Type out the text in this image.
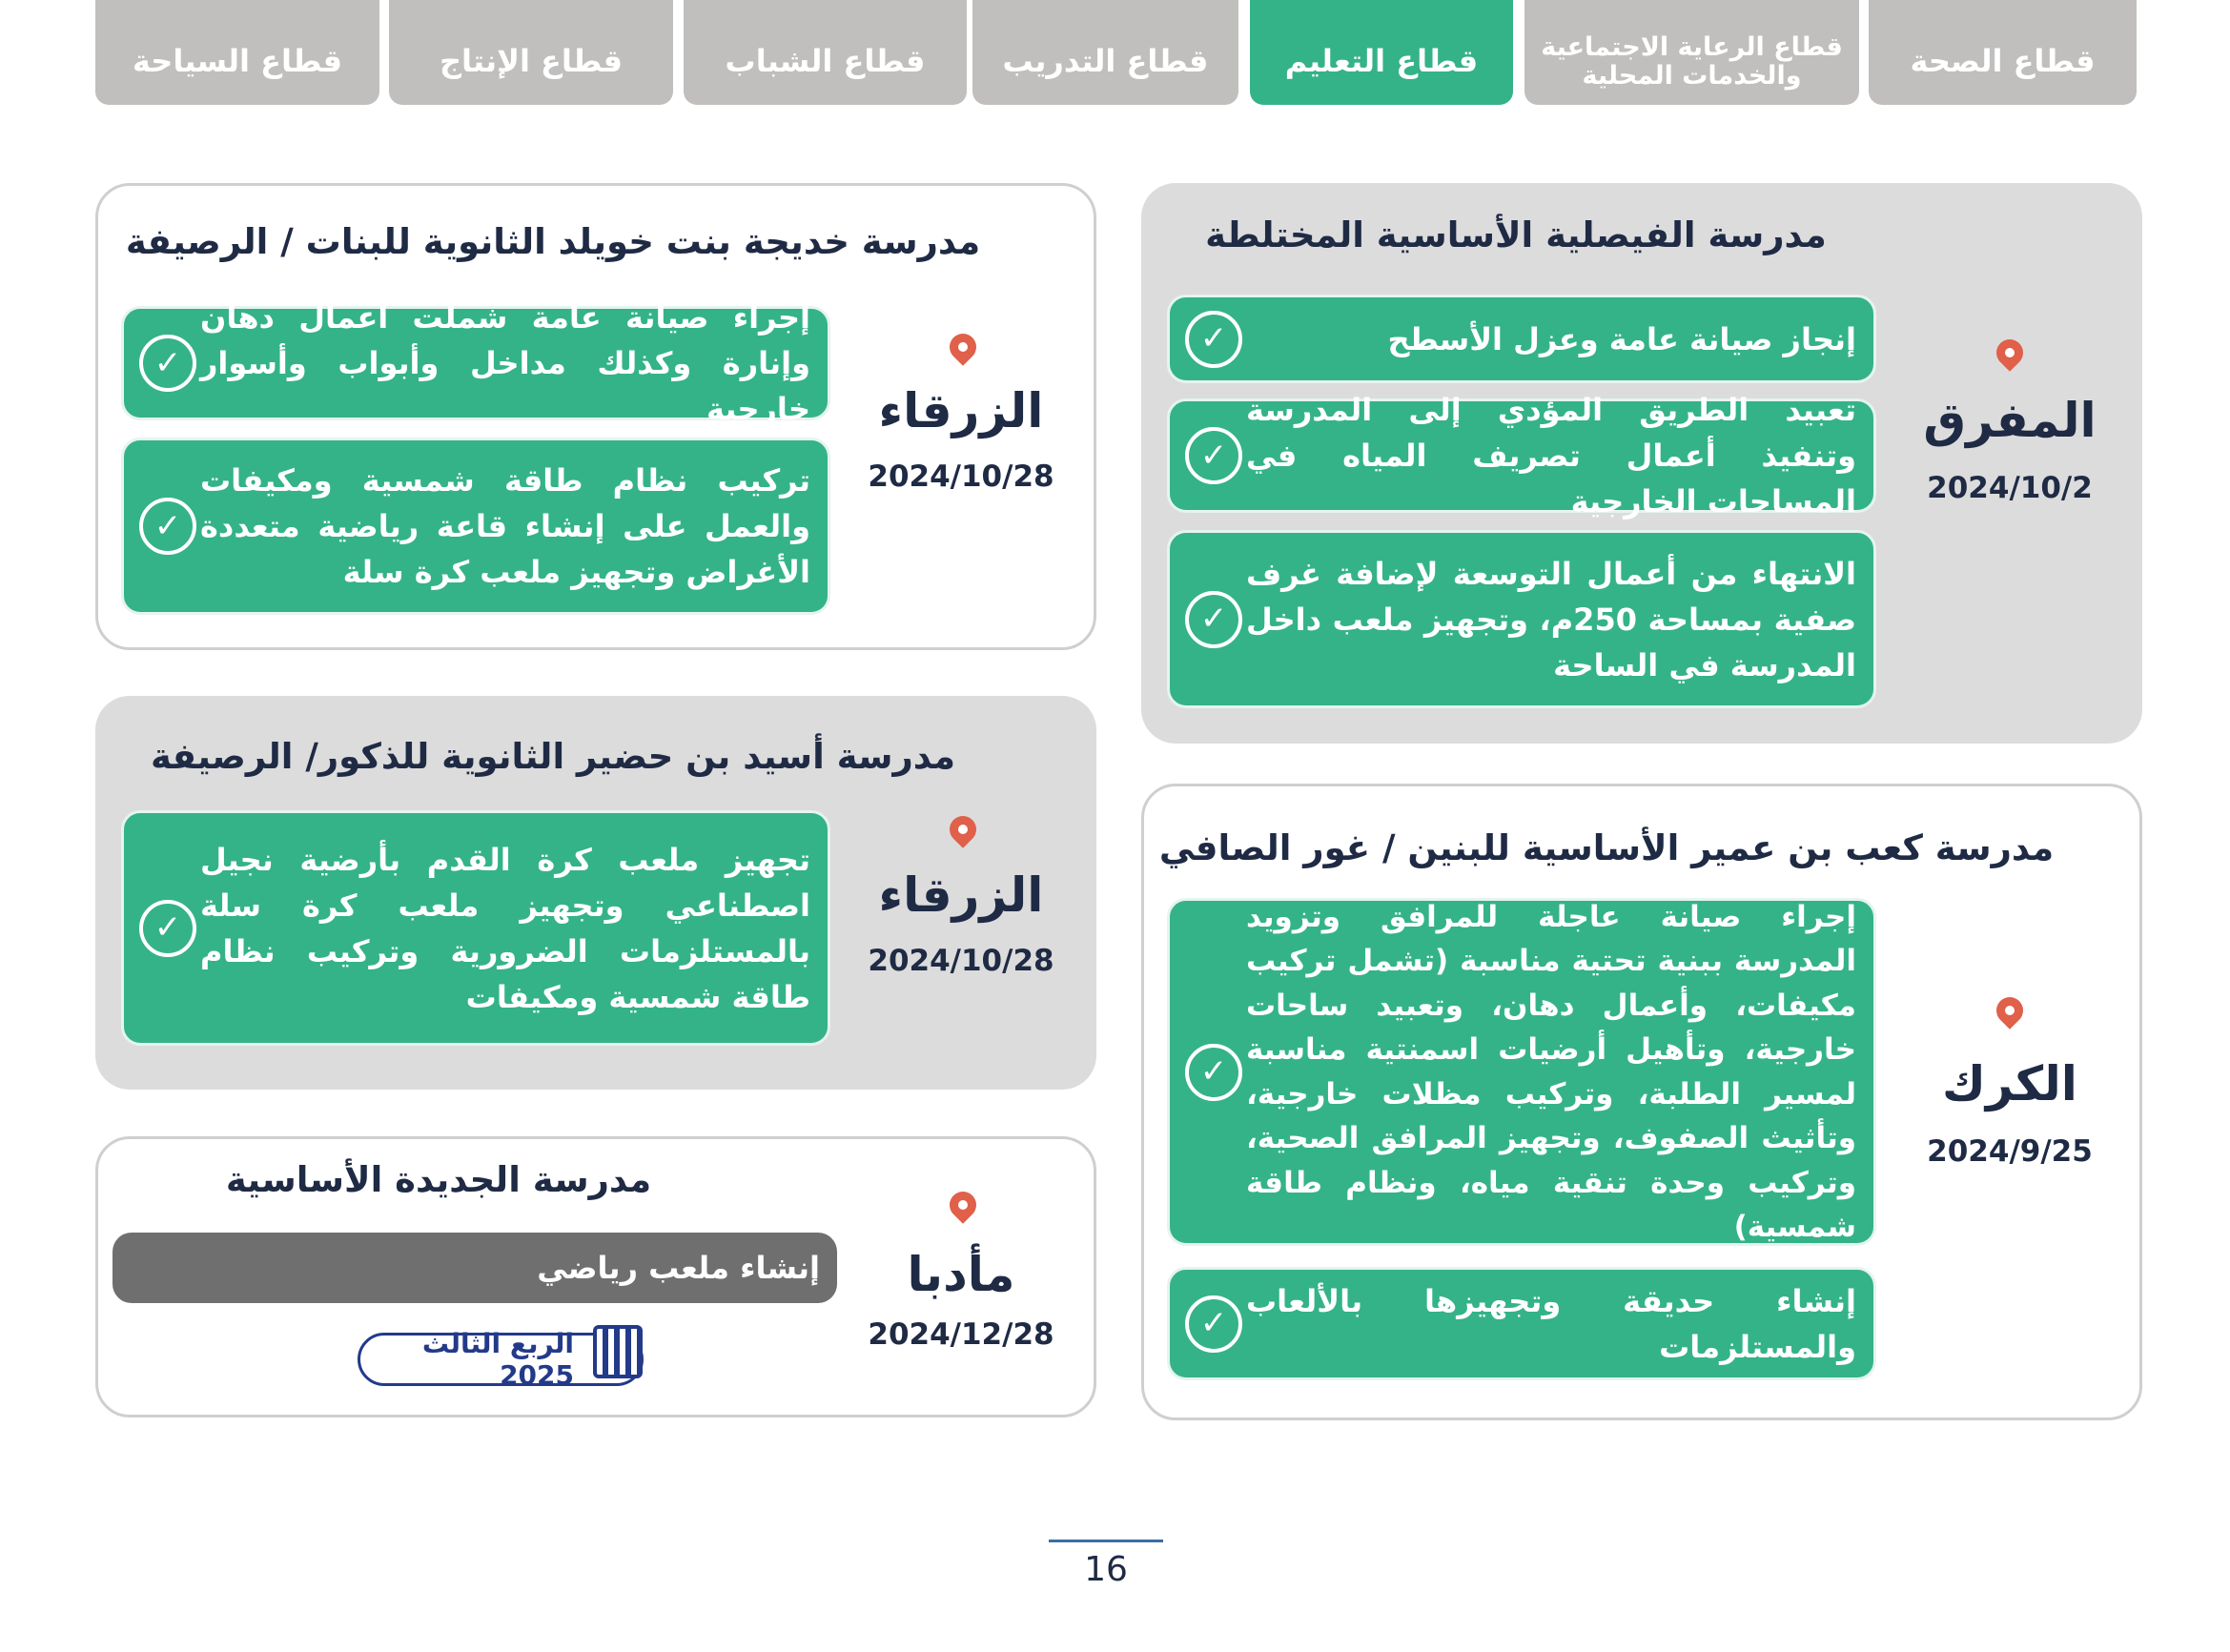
قطاع السياحة	قطاع الإنتاج	قطاع الشباب	قطاع التدريب	قطاع التعليم	قطاع الرعاية الاجتماعية والخدمات المحلية	قطاع الصحة
مدرسة الفيصلية الأساسية المختلطة
إنجاز صيانة عامة وعزل الأسطح
✓
تعبيد الطريق المؤدي إلى المدرسة وتنفيذ أعمال تصريف المياه في المساحات الخارجية
✓
الانتهاء من أعمال التوسعة لإضافة غرف صفية بمساحة 250م، وتجهيز ملعب داخل المدرسة في الساحة
✓
المفرق
2024/10/2
مدرسة خديجة بنت خويلد الثانوية للبنات / الرصيفة
إجراء صيانة عامة شملت أعمال دهان وإنارة وكذلك مداخل وأبواب وأسوار خارجية
✓
تركيب نظام طاقة شمسية ومكيفات والعمل على إنشاء قاعة رياضية متعددة الأغراض وتجهيز ملعب كرة سلة
✓
الزرقاء
2024/10/28
مدرسة أسيد بن حضير الثانوية للذكور/ الرصيفة
تجهيز ملعب كرة القدم بأرضية نجيل اصطناعي وتجهيز ملعب كرة سلة بالمستلزمات الضرورية وتركيب نظام طاقة شمسية ومكيفات
✓
الزرقاء
2024/10/28
مدرسة كعب بن عمير الأساسية للبنين / غور الصافي
إجراء صيانة عاجلة للمرافق وتزويد المدرسة ببنية تحتية مناسبة (تشمل تركيب مكيفات، وأعمال دهان، وتعبيد ساحات خارجية، وتأهيل أرضيات اسمنتية مناسبة لمسير الطلبة، وتركيب مظلات خارجية، وتأثيث الصفوف، وتجهيز المرافق الصحية، وتركيب وحدة تنقية مياه، ونظام طاقة شمسية)
✓
إنشاء حديقة وتجهيزها بالألعاب والمستلزمات
✓
الكرك
2024/9/25
مدرسة الجديدة الأساسية
إنشاء ملعب رياضي
الربع الثالث 2025
مأدبا
2024/12/28
16
